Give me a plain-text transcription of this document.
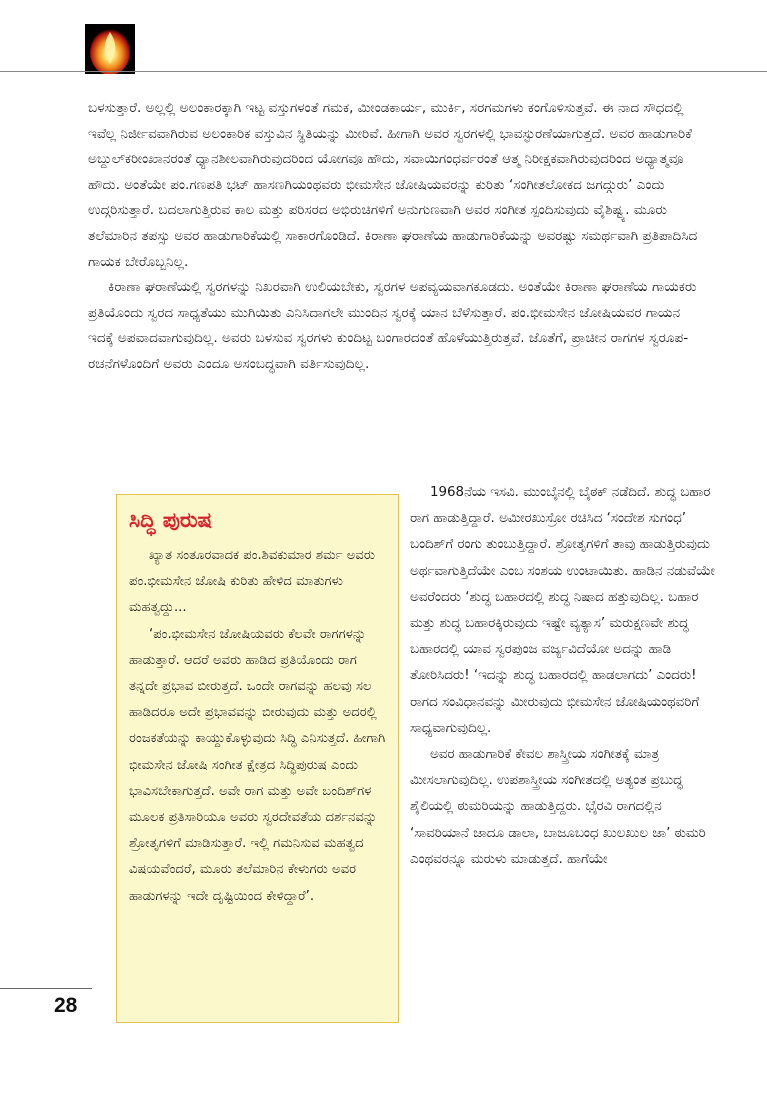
ಬಳಸುತ್ತಾರೆ. ಅಲ್ಲಲ್ಲಿ ಅಲಂಕಾರಕ್ಕಾಗಿ ಇಟ್ಟ ವಸ್ತುಗಳಂತೆ ಗಮಕ, ಮೀಂಡಕಾರ್ಯ, ಮುರ್ಕಿ, ಸರಗಮಗಳು ಕಂಗೊಳಿಸುತ್ತವೆ. ಈ ನಾದ ಸೌಧದಲ್ಲಿ ಇವೆಲ್ಲ ನಿರ್ಜೀವವಾಗಿರುವ ಅಲಂಕಾರಿಕ ವಸ್ತುವಿನ ಸ್ಥಿತಿಯನ್ನು ಮೀರಿವೆ. ಹೀಗಾಗಿ ಅವರ ಸ್ವರಗಳಲ್ಲಿ ಭಾವಸ್ಫುರಣೆಯಾಗುತ್ತದೆ. ಅವರ ಹಾಡುಗಾರಿಕೆ ಅಬ್ದುಲ್‌ಕರೀಂಖಾನರಂತೆ ಧ್ಯಾನಶೀಲವಾಗಿರುವುದರಿಂದ ಯೋಗವೂ ಹೌದು, ಸವಾಯಿಗಂಧರ್ವರಂತೆ ಆತ್ಮ ನಿರೀಕ್ಷಕವಾಗಿರುವುದರಿಂದ ಅಧ್ಯಾತ್ಮವೂ ಹೌದು. ಅಂತೆಯೇ ಪಂ.ಗಣಪತಿ ಭಟ್ ಹಾಸಣಗಿಯಂಥವರು ಭೀಮಸೇನ ಜೋಷಿಯವರನ್ನು ಕುರಿತು ‘ಸಂಗೀತಲೋಕದ ಜಗದ್ಗುರು’ ಎಂದು ಉದ್ಗರಿಸುತ್ತಾರೆ. ಬದಲಾಗುತ್ತಿರುವ ಕಾಲ ಮತ್ತು ಪರಿಸರದ ಅಭಿರುಚಿಗಳಿಗೆ ಅನುಗುಣವಾಗಿ ಅವರ ಸಂಗೀತ ಸ್ಪಂದಿಸುವುದು ವೈಶಿಷ್ಟ್ಯ. ಮೂರು ತಲೆಮಾರಿನ ತಪಸ್ಸು ಅವರ ಹಾಡುಗಾರಿಕೆಯಲ್ಲಿ ಸಾಕಾರಗೊಂಡಿದೆ. ಕಿರಾಣಾ ಘರಾಣೆಯ ಹಾಡುಗಾರಿಕೆಯನ್ನು ಅವರಷ್ಟು ಸಮರ್ಥವಾಗಿ ಪ್ರತಿಪಾದಿಸಿದ ಗಾಯಕ ಬೇರೊಬ್ಬನಿಲ್ಲ.

ಕಿರಾಣಾ ಘರಾಣೆಯಲ್ಲಿ ಸ್ವರಗಳನ್ನು ನಿಖರವಾಗಿ ಉಲಿಯಬೇಕು, ಸ್ವರಗಳ ಅಪವ್ಯಯವಾಗಕೂಡದು. ಅಂತೆಯೇ ಕಿರಾಣಾ ಘರಾಣೆಯ ಗಾಯಕರು ಪ್ರತಿಯೊಂದು ಸ್ವರದ ಸಾಧ್ಯತೆಯು ಮುಗಿಯಿತು ಎನಿಸಿದಾಗಲೇ ಮುಂದಿನ ಸ್ವರಕ್ಕೆ ಯಾನ ಬೆಳೆಸುತ್ತಾರೆ. ಪಂ.ಭೀಮಸೇನ ಜೋಷಿಯವರ ಗಾಯನ ಇದಕ್ಕೆ ಅಪವಾದವಾಗುವುದಿಲ್ಲ. ಅವರು ಬಳಸುವ ಸ್ವರಗಳು ಕುಂದಿಟ್ಟ ಬಂಗಾರದಂತೆ ಹೊಳೆಯುತ್ತಿರುತ್ತವೆ. ಜೊತೆಗೆ, ಪ್ರಾಚೀನ ರಾಗಗಳ ಸ್ವರೂಪ-ರಚನೆಗಳೊಂದಿಗೆ ಅವರು ಎಂದೂ ಅಸಂಬದ್ಧವಾಗಿ ವರ್ತಿಸುವುದಿಲ್ಲ.

ಸಿದ್ಧಿ ಪುರುಷ

ಖ್ಯಾತ ಸಂತೂರವಾದಕ ಪಂ.ಶಿವಕುಮಾರ ಶರ್ಮ ಅವರು ಪಂ.ಭೀಮಸೇನ ಜೋಷಿ ಕುರಿತು ಹೇಳಿದ ಮಾತುಗಳು ಮಹತ್ವದ್ದು...

‘ಪಂ.ಭೀಮಸೇನ ಜೋಷಿಯವರು ಕೆಲವೇ ರಾಗಗಳನ್ನು ಹಾಡುತ್ತಾರೆ. ಆದರೆ ಅವರು ಹಾಡಿದ ಪ್ರತಿಯೊಂದು ರಾಗ ತನ್ನದೇ ಪ್ರಭಾವ ಬೀರುತ್ತದೆ. ಒಂದೇ ರಾಗವನ್ನು ಹಲವು ಸಲ ಹಾಡಿದರೂ ಅದೇ ಪ್ರಭಾವವನ್ನು ಬೀರುವುದು ಮತ್ತು ಅದರಲ್ಲಿ ರಂಜಕತೆಯನ್ನು ಕಾಯ್ದುಕೊಳ್ಳುವುದು ಸಿದ್ಧಿ ಎನಿಸುತ್ತದೆ. ಹೀಗಾಗಿ ಭೀಮಸೇನ ಜೋಷಿ ಸಂಗೀತ ಕ್ಷೇತ್ರದ ಸಿದ್ಧಿಪುರುಷ ಎಂದು ಭಾವಿಸಬೇಕಾಗುತ್ತದೆ. ಅವೇ ರಾಗ ಮತ್ತು ಅವೇ ಬಂದಿಶ್‌ಗಳ ಮೂಲಕ ಪ್ರತಿಸಾರಿಯೂ ಅವರು ಸ್ವರದೇವತೆಯ ದರ್ಶನವನ್ನು ಶ್ರೋತೃಗಳಿಗೆ ಮಾಡಿಸುತ್ತಾರೆ. ಇಲ್ಲಿ ಗಮನಿಸುವ ಮಹತ್ವದ ವಿಷಯವೆಂದರೆ, ಮೂರು ತಲೆಮಾರಿನ ಕೇಳುಗರು ಅವರ ಹಾಡುಗಳನ್ನು ಇದೇ ದೃಷ್ಟಿಯಿಂದ ಕೇಳಿದ್ದಾರೆ’.

1968ನೆಯ ಇಸವಿ. ಮುಂಬೈನಲ್ಲಿ ಬೈಠಕ್ ನಡೆದಿದೆ. ಶುದ್ಧ ಬಹಾರ ರಾಗ ಹಾಡುತ್ತಿದ್ದಾರೆ. ಅಮೀರಖುಸ್ರೋ ರಚಿಸಿದ ‘ಸಂದೇಶ ಸುಗಂಧ’ ಬಂದಿಶ್‌ಗೆ ರಂಗು ತುಂಬುತ್ತಿದ್ದಾರೆ. ಶ್ರೋತೃಗಳಿಗೆ ತಾವು ಹಾಡುತ್ತಿರುವುದು ಅರ್ಥವಾಗುತ್ತಿದೆಯೇ ಎಂಬ ಸಂಶಯ ಉಂಟಾಯಿತು. ಹಾಡಿನ ನಡುವೆಯೇ ಅವರೆಂದರು ‘ಶುದ್ಧ ಬಹಾರದಲ್ಲಿ ಶುದ್ಧ ನಿಷಾದ ಹತ್ತುವುದಿಲ್ಲ. ಬಹಾರ ಮತ್ತು ಶುದ್ಧ ಬಹಾರಕ್ಕಿರುವುದು ಇಷ್ಟೇ ವ್ಯತ್ಯಾಸ’ ಮರುಕ್ಷಣವೇ ಶುದ್ಧ ಬಹಾರದಲ್ಲಿ ಯಾವ ಸ್ವರಪುಂಜ ವರ್ಜ್ಯವಿದೆಯೋ ಅದನ್ನು ಹಾಡಿ ತೋರಿಸಿದರು! ‘ಇದನ್ನು ಶುದ್ಧ ಬಹಾರದಲ್ಲಿ ಹಾಡಲಾಗದು’ ಎಂದರು! ರಾಗದ ಸಂವಿಧಾನವನ್ನು ಮೀರುವುದು ಭೀಮಸೇನ ಜೋಷಿಯಂಥವರಿಗೆ ಸಾಧ್ಯವಾಗುವುದಿಲ್ಲ.

ಅವರ ಹಾಡುಗಾರಿಕೆ ಕೇವಲ ಶಾಸ್ತ್ರೀಯ ಸಂಗೀತಕ್ಕೆ ಮಾತ್ರ ಮೀಸಲಾಗುವುದಿಲ್ಲ. ಉಪಶಾಸ್ತ್ರೀಯ ಸಂಗೀತದಲ್ಲಿ ಅತ್ಯಂತ ಪ್ರಬುದ್ಧ ಶೈಲಿಯಲ್ಲಿ ಠುಮರಿಯನ್ನು ಹಾಡುತ್ತಿದ್ದರು. ಭೈರವಿ ರಾಗದಲ್ಲಿನ ‘ಸಾವರಿಯಾನೆ ಜಾದೂ ಡಾಲಾ, ಬಾಜೂಬಂಧ ಖುಲಖುಲ ಜಾ’ ಠುಮರಿ ಎಂಥವರನ್ನೂ ಮರುಳು ಮಾಡುತ್ತದೆ. ಹಾಗೆಯೇ

28
